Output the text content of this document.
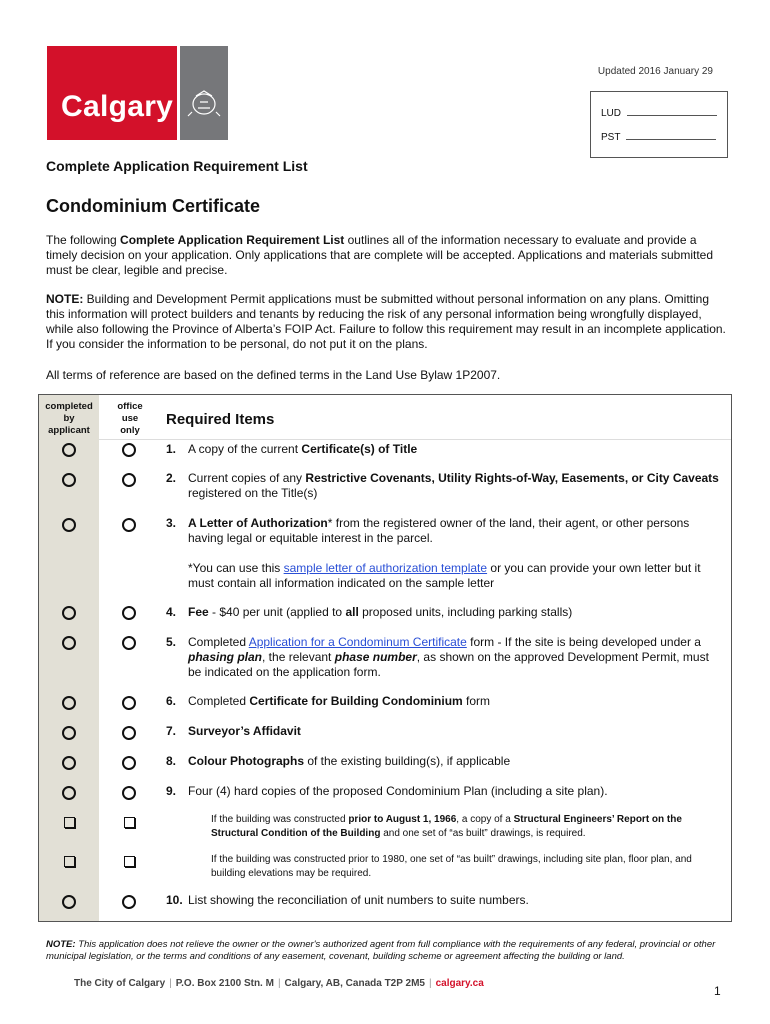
Calgary
Updated 2016 January 29
LUD
PST
Complete Application Requirement List
Condominium Certificate
The following Complete Application Requirement List outlines all of the information necessary to evaluate and provide a timely decision on your application. Only applications that are complete will be accepted. Applications and materials submitted must be clear, legible and precise.
NOTE: Building and Development Permit applications must be submitted without personal information on any plans. Omitting this information will protect builders and tenants by reducing the risk of any personal information being wrongfully displayed, while also following the Province of Alberta’s FOIP Act. Failure to follow this requirement may result in an incomplete application. If you consider the information to be personal, do not put it on the plans.
All terms of reference are based on the defined terms in the Land Use Bylaw 1P2007.
completed
by
applicant
office
use
only
Required Items
1. A copy of the current Certificate(s) of Title
2. Current copies of any Restrictive Covenants, Utility Rights-of-Way, Easements, or City Caveats registered on the Title(s)
3. A Letter of Authorization* from the registered owner of the land, their agent, or other persons having legal or equitable interest in the parcel.
*You can use this sample letter of authorization template or you can provide your own letter but it must contain all information indicated on the sample letter
4. Fee - $40 per unit (applied to all proposed units, including parking stalls)
5. Completed Application for a Condominum Certificate form - If the site is being developed under a phasing plan, the relevant phase number, as shown on the approved Development Permit, must be indicated on the application form.
6. Completed Certificate for Building Condominium form
7. Surveyor’s Affidavit
8. Colour Photographs of the existing building(s), if applicable
9. Four (4) hard copies of the proposed Condominium Plan (including a site plan).
If the building was constructed prior to August 1, 1966, a copy of a Structural Engineers’ Report on the Structural Condition of the Building and one set of “as built” drawings, is required.
If the building was constructed prior to 1980, one set of “as built” drawings, including site plan, floor plan, and building elevations may be required.
10. List showing the reconciliation of unit numbers to suite numbers.
NOTE: This application does not relieve the owner or the owner's authorized agent from full compliance with the requirements of any federal, provincial or other municipal legislation, or the terms and conditions of any easement, covenant, building scheme or agreement affecting the building or land.
The City of Calgary | P.O. Box 2100 Stn. M | Calgary, AB, Canada T2P 2M5 | calgary.ca
1
